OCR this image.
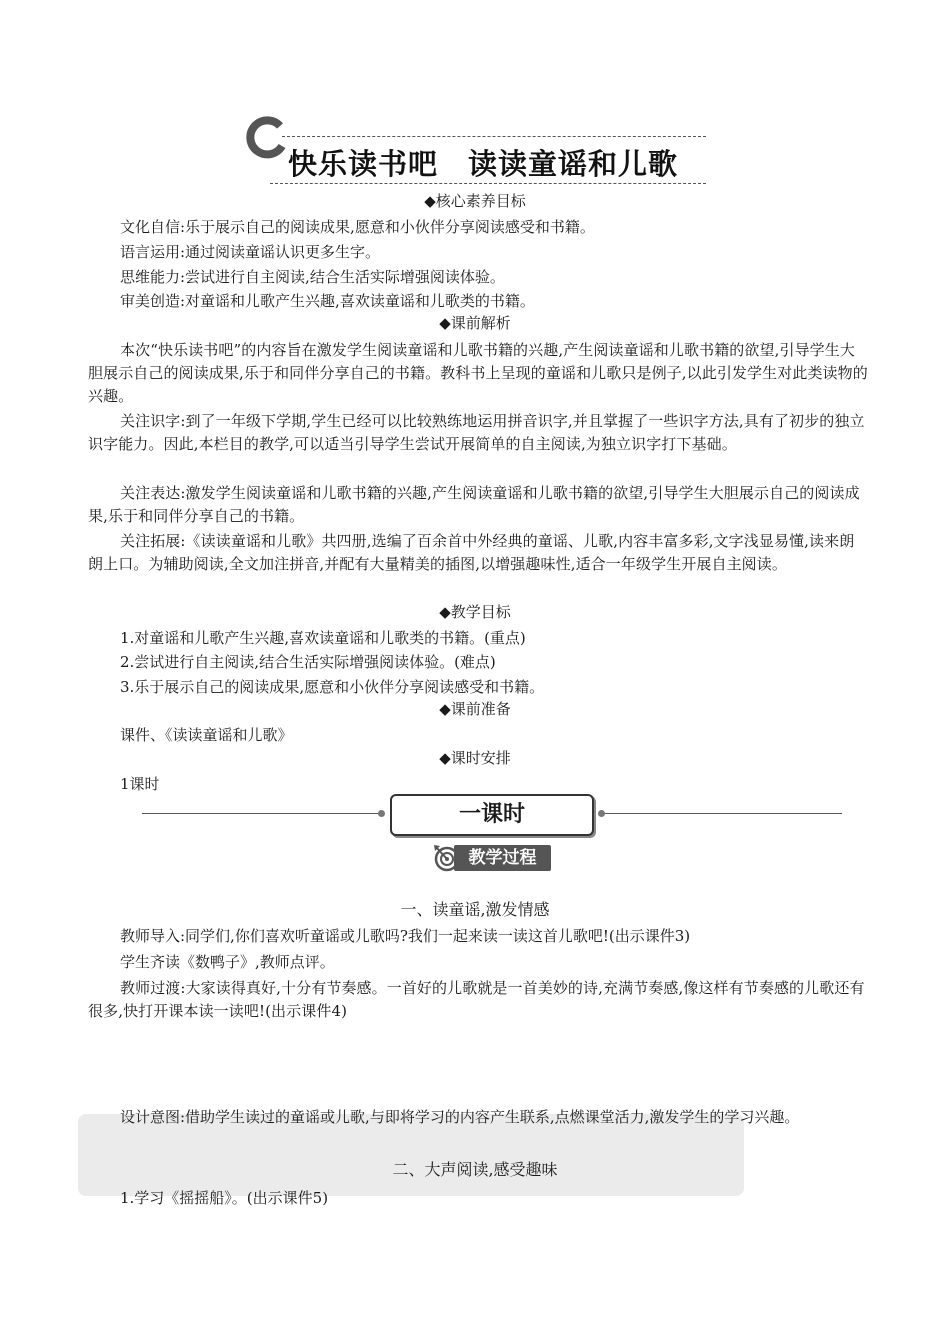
快乐读书吧　读读童谣和儿歌
◆核心素养目标
文化自信:乐于展示自己的阅读成果,愿意和小伙伴分享阅读感受和书籍。
语言运用:通过阅读童谣认识更多生字。
思维能力:尝试进行自主阅读,结合生活实际增强阅读体验。
审美创造:对童谣和儿歌产生兴趣,喜欢读童谣和儿歌类的书籍。
◆课前解析
本次“快乐读书吧”的内容旨在激发学生阅读童谣和儿歌书籍的兴趣,产生阅读童谣和儿歌书籍的欲望,引导学生大胆展示自己的阅读成果,乐于和同伴分享自己的书籍。教科书上呈现的童谣和儿歌只是例子,以此引发学生对此类读物的兴趣。
关注识字:到了一年级下学期,学生已经可以比较熟练地运用拼音识字,并且掌握了一些识字方法,具有了初步的独立识字能力。因此,本栏目的教学,可以适当引导学生尝试开展简单的自主阅读,为独立识字打下基础。
关注表达:激发学生阅读童谣和儿歌书籍的兴趣,产生阅读童谣和儿歌书籍的欲望,引导学生大胆展示自己的阅读成果,乐于和同伴分享自己的书籍。
关注拓展:《读读童谣和儿歌》共四册,选编了百余首中外经典的童谣、儿歌,内容丰富多彩,文字浅显易懂,读来朗朗上口。为辅助阅读,全文加注拼音,并配有大量精美的插图,以增强趣味性,适合一年级学生开展自主阅读。
◆教学目标
1.对童谣和儿歌产生兴趣,喜欢读童谣和儿歌类的书籍。(重点)
2.尝试进行自主阅读,结合生活实际增强阅读体验。(难点)
3.乐于展示自己的阅读成果,愿意和小伙伴分享阅读感受和书籍。
◆课前准备
课件、《读读童谣和儿歌》
◆课时安排
1课时
一课时
教学过程
一、读童谣,激发情感
教师导入:同学们,你们喜欢听童谣或儿歌吗?我们一起来读一读这首儿歌吧!(出示课件3)
学生齐读《数鸭子》,教师点评。
教师过渡:大家读得真好,十分有节奏感。一首好的儿歌就是一首美妙的诗,充满节奏感,像这样有节奏感的儿歌还有很多,快打开课本读一读吧!(出示课件4)
设计意图:借助学生读过的童谣或儿歌,与即将学习的内容产生联系,点燃课堂活力,激发学生的学习兴趣。
二、大声阅读,感受趣味
1.学习《摇摇船》。(出示课件5)
